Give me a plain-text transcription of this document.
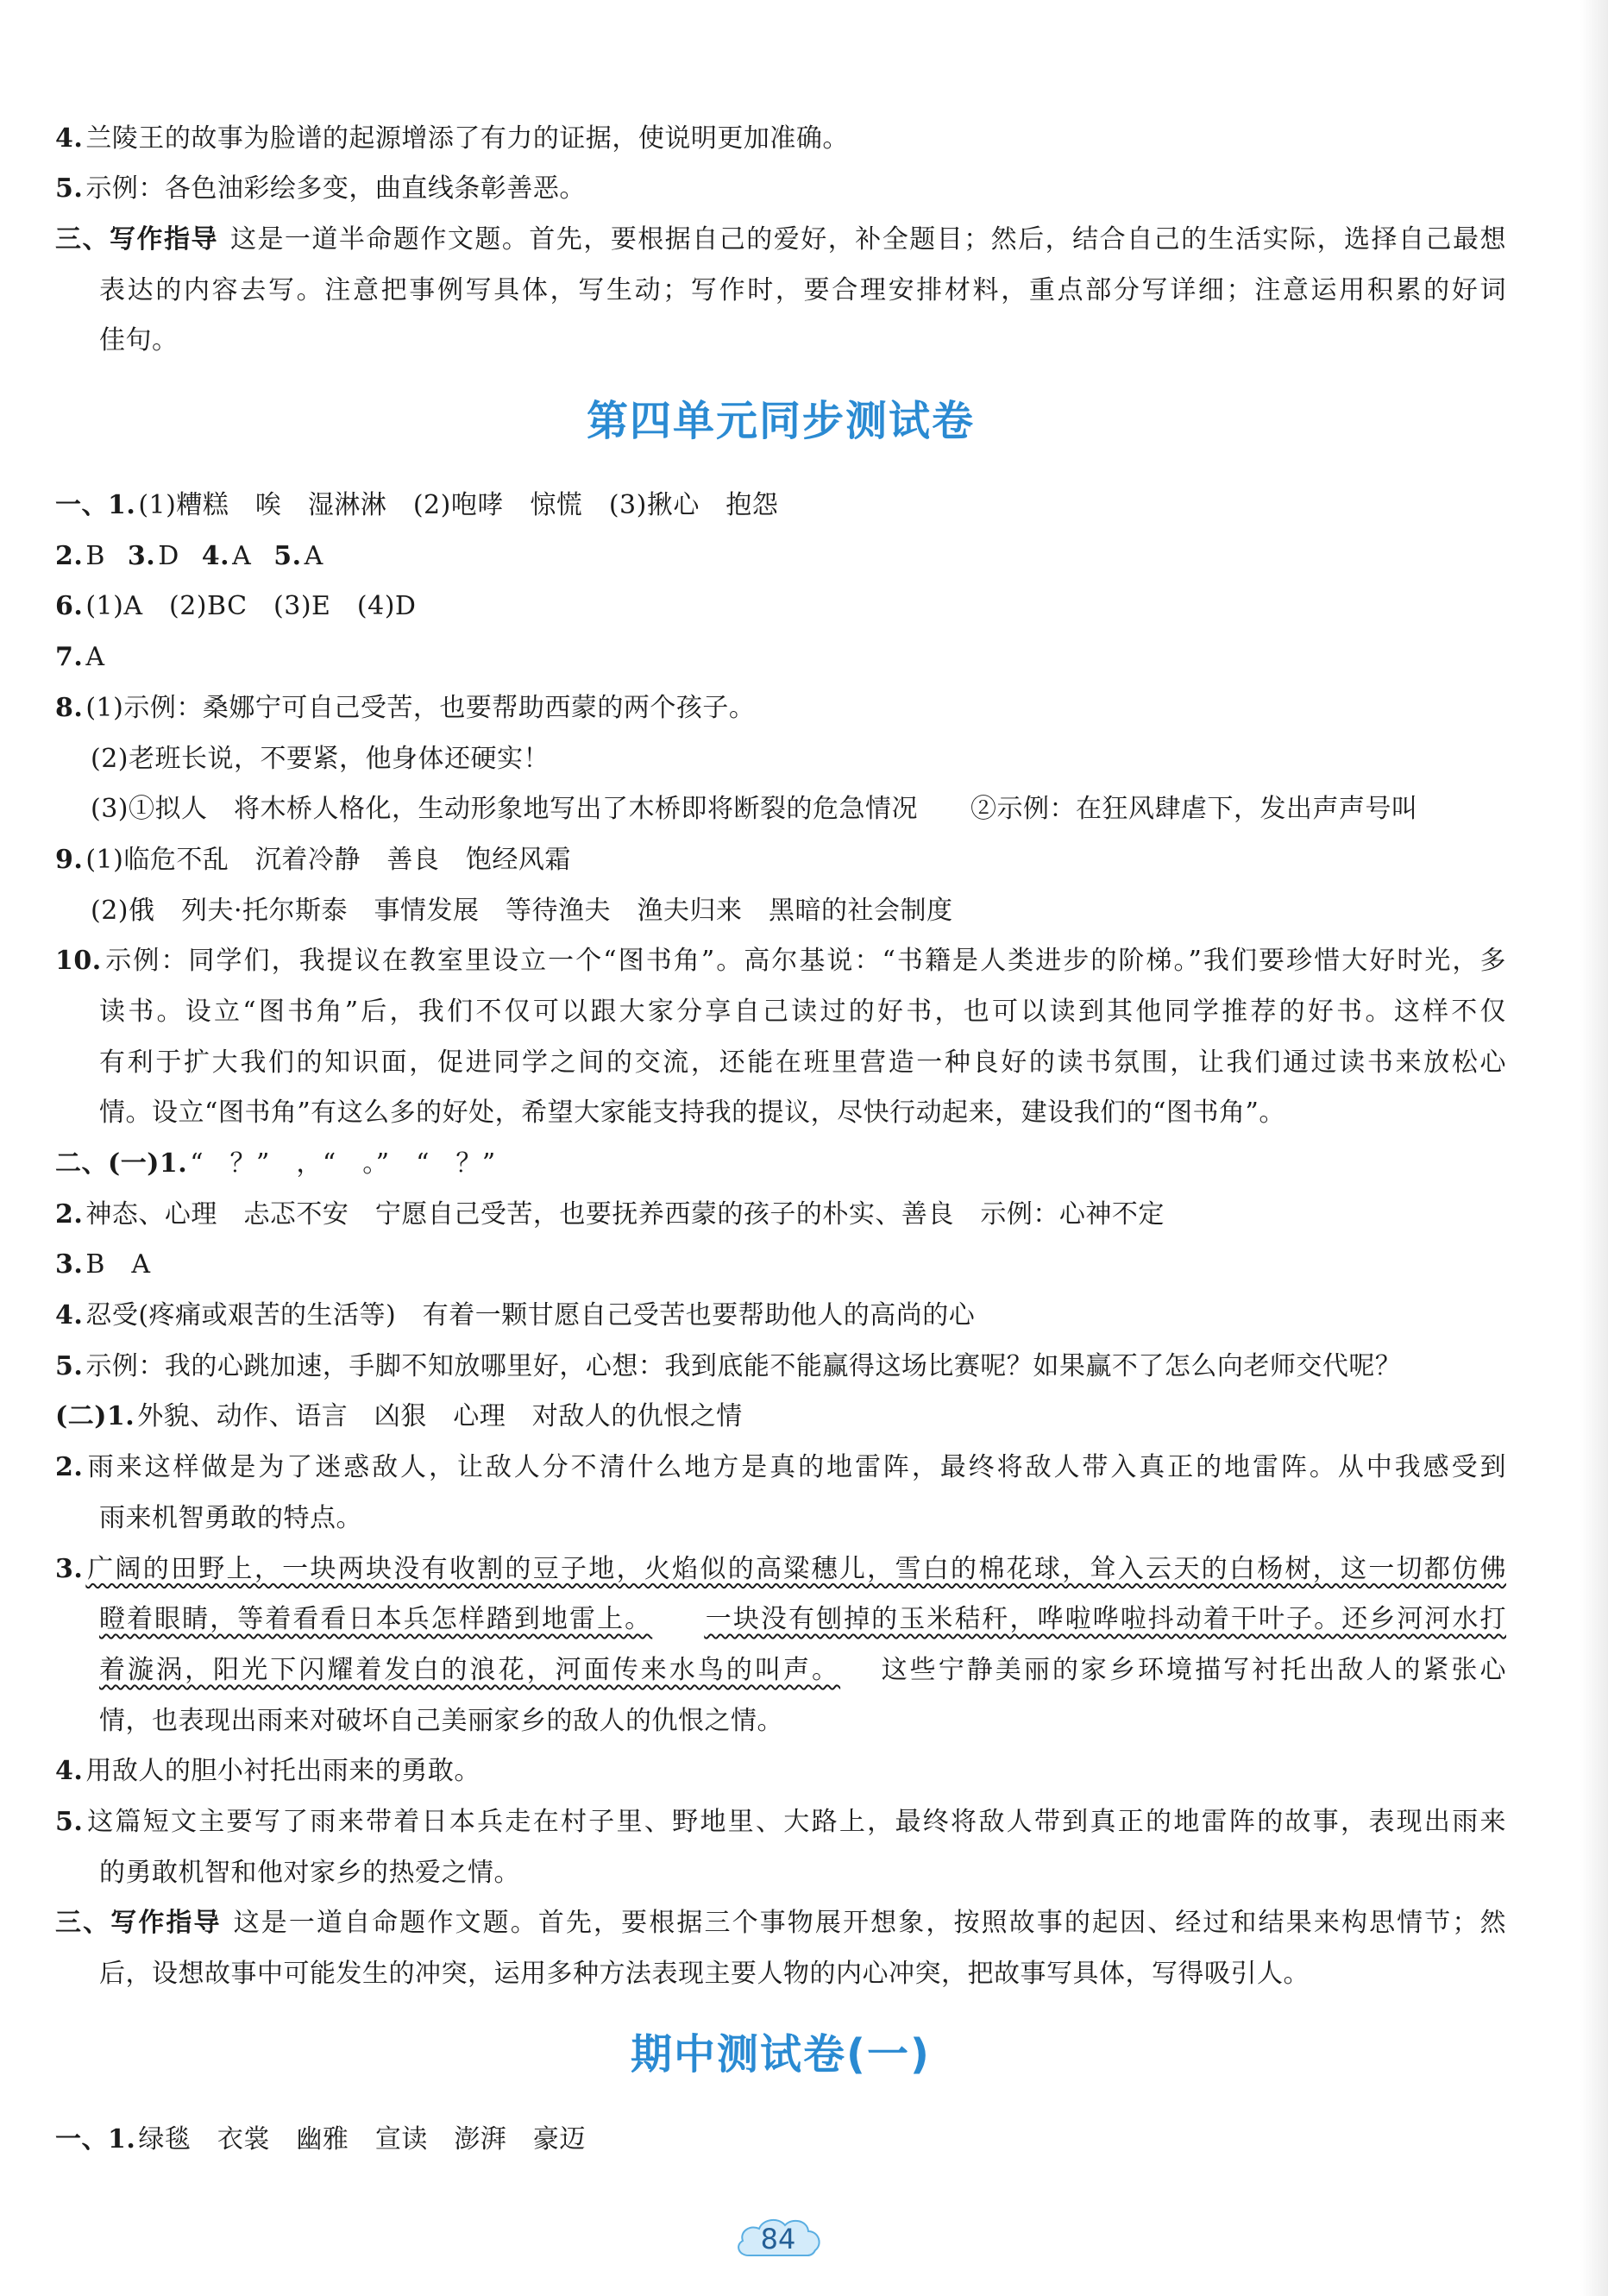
4. 兰陵王的故事为脸谱的起源增添了有力的证据，使说明更加准确。
5. 示例：各色油彩绘多变，曲直线条彰善恶。
三、写作指导 这是一道半命题作文题。首先，要根据自己的爱好，补全题目；然后，结合自己的生活实际，选择自己最想
表达的内容去写。注意把事例写具体，写生动；写作时，要合理安排材料，重点部分写详细；注意运用积累的好词
佳句。
第四单元同步测试卷
一、1. (1)糟糕　唉　湿淋淋　(2)咆哮　惊慌　(3)揪心　抱怨
2. B 3. D 4. A 5. A
6. (1)A　(2)BC　(3)E　(4)D
7. A
8. (1)示例：桑娜宁可自己受苦，也要帮助西蒙的两个孩子。
(2)老班长说，不要紧，他身体还硬实！
(3)①拟人　将木桥人格化，生动形象地写出了木桥即将断裂的危急情况　　②示例：在狂风肆虐下，发出声声号叫
9. (1)临危不乱　沉着冷静　善良　饱经风霜
(2)俄　列夫·托尔斯泰　事情发展　等待渔夫　渔夫归来　黑暗的社会制度
10. 示例：同学们，我提议在教室里设立一个“图书角”。高尔基说：“书籍是人类进步的阶梯。”我们要珍惜大好时光，多
读书。设立“图书角”后，我们不仅可以跟大家分享自己读过的好书，也可以读到其他同学推荐的好书。这样不仅
有利于扩大我们的知识面，促进同学之间的交流，还能在班里营造一种良好的读书氛围，让我们通过读书来放松心
情。设立“图书角”有这么多的好处，希望大家能支持我的提议，尽快行动起来，建设我们的“图书角”。
二、(一)1. “　？”　，“　。”　“　？”
2. 神态、心理　忐忑不安　宁愿自己受苦，也要抚养西蒙的孩子的朴实、善良　示例：心神不定
3. B　A
4. 忍受(疼痛或艰苦的生活等)　有着一颗甘愿自己受苦也要帮助他人的高尚的心
5. 示例：我的心跳加速，手脚不知放哪里好，心想：我到底能不能赢得这场比赛呢？如果赢不了怎么向老师交代呢？
(二)1. 外貌、动作、语言　凶狠　心理　对敌人的仇恨之情
2. 雨来这样做是为了迷惑敌人，让敌人分不清什么地方是真的地雷阵，最终将敌人带入真正的地雷阵。从中我感受到
雨来机智勇敢的特点。
3. 广阔的田野上，一块两块没有收割的豆子地，火焰似的高粱穗儿，雪白的棉花球，耸入云天的白杨树，这一切都仿佛
瞪着眼睛，等着看看日本兵怎样踏到地雷上。 一块没有刨掉的玉米秸秆，哗啦哗啦抖动着干叶子。还乡河河水打
着漩涡，阳光下闪耀着发白的浪花，河面传来水鸟的叫声。 这些宁静美丽的家乡环境描写衬托出敌人的紧张心
情，也表现出雨来对破坏自己美丽家乡的敌人的仇恨之情。
4. 用敌人的胆小衬托出雨来的勇敢。
5. 这篇短文主要写了雨来带着日本兵走在村子里、野地里、大路上，最终将敌人带到真正的地雷阵的故事，表现出雨来
的勇敢机智和他对家乡的热爱之情。
三、写作指导 这是一道自命题作文题。首先，要根据三个事物展开想象，按照故事的起因、经过和结果来构思情节；然
后，设想故事中可能发生的冲突，运用多种方法表现主要人物的内心冲突，把故事写具体，写得吸引人。
期中测试卷(一)
一、1. 绿毯　衣裳　幽雅　宣读　澎湃　豪迈
84
